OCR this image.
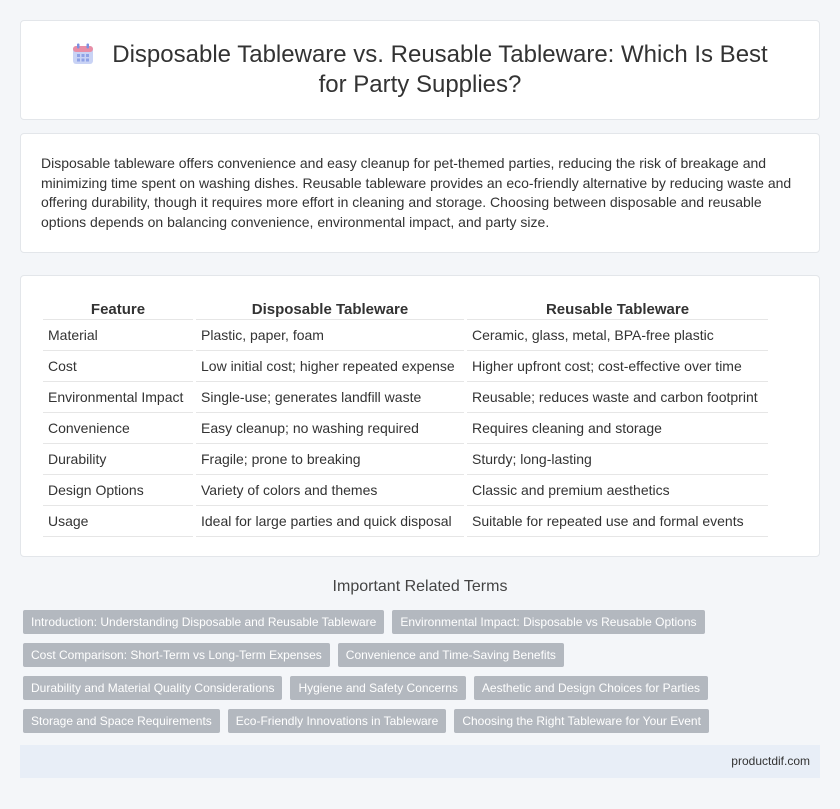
Disposable Tableware vs. Reusable Tableware: Which Is Best for Party Supplies?

Disposable tableware offers convenience and easy cleanup for pet-themed parties, reducing the risk of breakage and minimizing time spent on washing dishes. Reusable tableware provides an eco-friendly alternative by reducing waste and offering durability, though it requires more effort in cleaning and storage. Choosing between disposable and reusable options depends on balancing convenience, environmental impact, and party size.

Feature	Disposable Tableware	Reusable Tableware
Material	Plastic, paper, foam	Ceramic, glass, metal, BPA-free plastic
Cost	Low initial cost; higher repeated expense	Higher upfront cost; cost-effective over time
Environmental Impact	Single-use; generates landfill waste	Reusable; reduces waste and carbon footprint
Convenience	Easy cleanup; no washing required	Requires cleaning and storage
Durability	Fragile; prone to breaking	Sturdy; long-lasting
Design Options	Variety of colors and themes	Classic and premium aesthetics
Usage	Ideal for large parties and quick disposal	Suitable for repeated use and formal events
Important Related Terms
Introduction: Understanding Disposable and Reusable Tableware	Environmental Impact: Disposable vs Reusable Options
Cost Comparison: Short-Term vs Long-Term Expenses	Convenience and Time-Saving Benefits
Durability and Material Quality Considerations	Hygiene and Safety Concerns	Aesthetic and Design Choices for Parties
Storage and Space Requirements	Eco-Friendly Innovations in Tableware	Choosing the Right Tableware for Your Event
productdif.com
